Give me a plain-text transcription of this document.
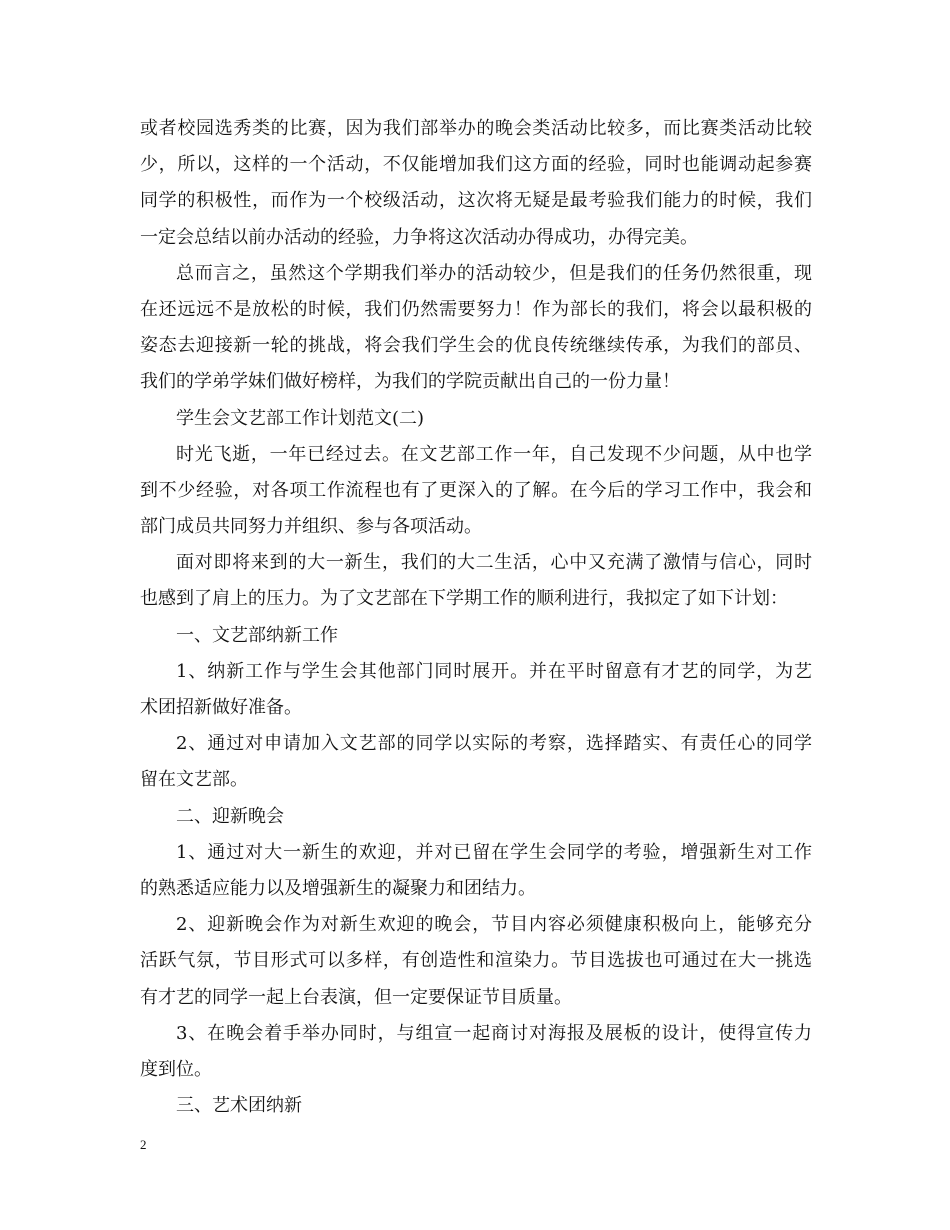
或者校园选秀类的比赛，因为我们部举办的晚会类活动比较多，而比赛类活动比较
少，所以，这样的一个活动，不仅能增加我们这方面的经验，同时也能调动起参赛
同学的积极性，而作为一个校级活动，这次将无疑是最考验我们能力的时候，我们
一定会总结以前办活动的经验，力争将这次活动办得成功，办得完美。
总而言之，虽然这个学期我们举办的活动较少，但是我们的任务仍然很重，现
在还远远不是放松的时候，我们仍然需要努力！作为部长的我们，将会以最积极的
姿态去迎接新一轮的挑战，将会我们学生会的优良传统继续传承，为我们的部员、
我们的学弟学妹们做好榜样，为我们的学院贡献出自己的一份力量！
学生会文艺部工作计划范文(二)
时光飞逝，一年已经过去。在文艺部工作一年，自己发现不少问题，从中也学
到不少经验，对各项工作流程也有了更深入的了解。在今后的学习工作中，我会和
部门成员共同努力并组织、参与各项活动。
面对即将来到的大一新生，我们的大二生活，心中又充满了激情与信心，同时
也感到了肩上的压力。为了文艺部在下学期工作的顺利进行，我拟定了如下计划：
一、文艺部纳新工作
1、纳新工作与学生会其他部门同时展开。并在平时留意有才艺的同学，为艺
术团招新做好准备。
2、通过对申请加入文艺部的同学以实际的考察，选择踏实、有责任心的同学
留在文艺部。
二、迎新晚会
1、通过对大一新生的欢迎，并对已留在学生会同学的考验，增强新生对工作
的熟悉适应能力以及增强新生的凝聚力和团结力。
2、迎新晚会作为对新生欢迎的晚会，节目内容必须健康积极向上，能够充分
活跃气氛，节目形式可以多样，有创造性和渲染力。节目选拔也可通过在大一挑选
有才艺的同学一起上台表演，但一定要保证节目质量。
3、在晚会着手举办同时，与组宣一起商讨对海报及展板的设计，使得宣传力
度到位。
三、艺术团纳新
2
